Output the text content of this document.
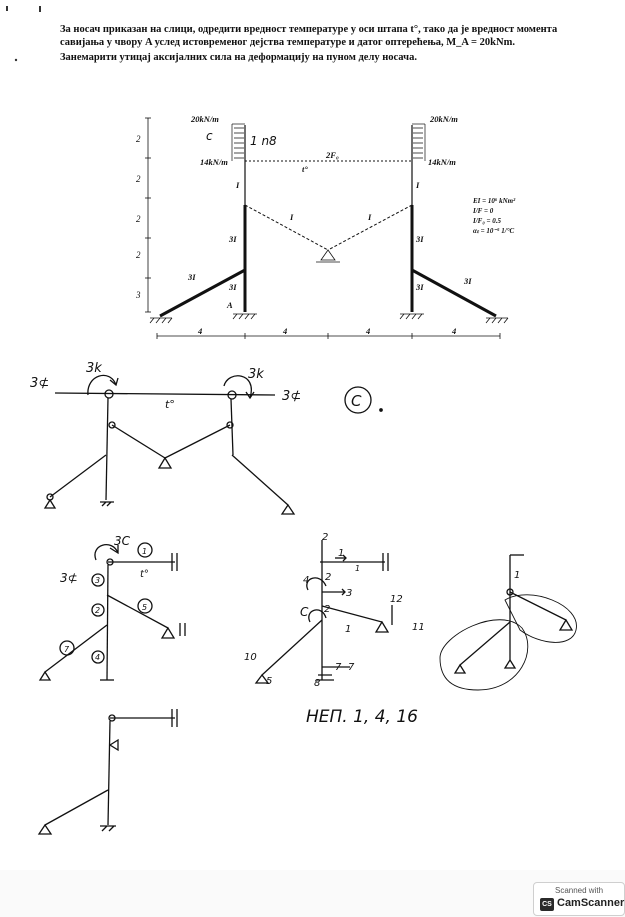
За носач приказан на слици, одредити вредност температуре у оси штапа t°, тако да је вредност момента савијања у чвору A услед истовременог дејства температуре и датог оптерећења, M_A = 20kNm.

Занемарити утицај аксијалних сила на деформацију на пуном делу носача.

2
2
2
2
3
20kN/m
14kN/m
20kN/m
14kN/m
2F₀
t°
I	I
I	I
3I
3I
3I
3I
3I	3I
A
EI = 10⁶ kNm²
I/F = 0
I/F₀ = 0.5
αₜ = 10⁻⁵ 1/°C
4	4	4	4
c	1 n8
3k
3⊄
3k
3⊄
t°	C
3C
3⊄	t°
1
3
2	5
7
4
2
1
1
4 2
3
C 2
1
12
11
10
5	8
7 7
1
НЕП. 1, 4, 16
Scanned with
CS CamScanner
